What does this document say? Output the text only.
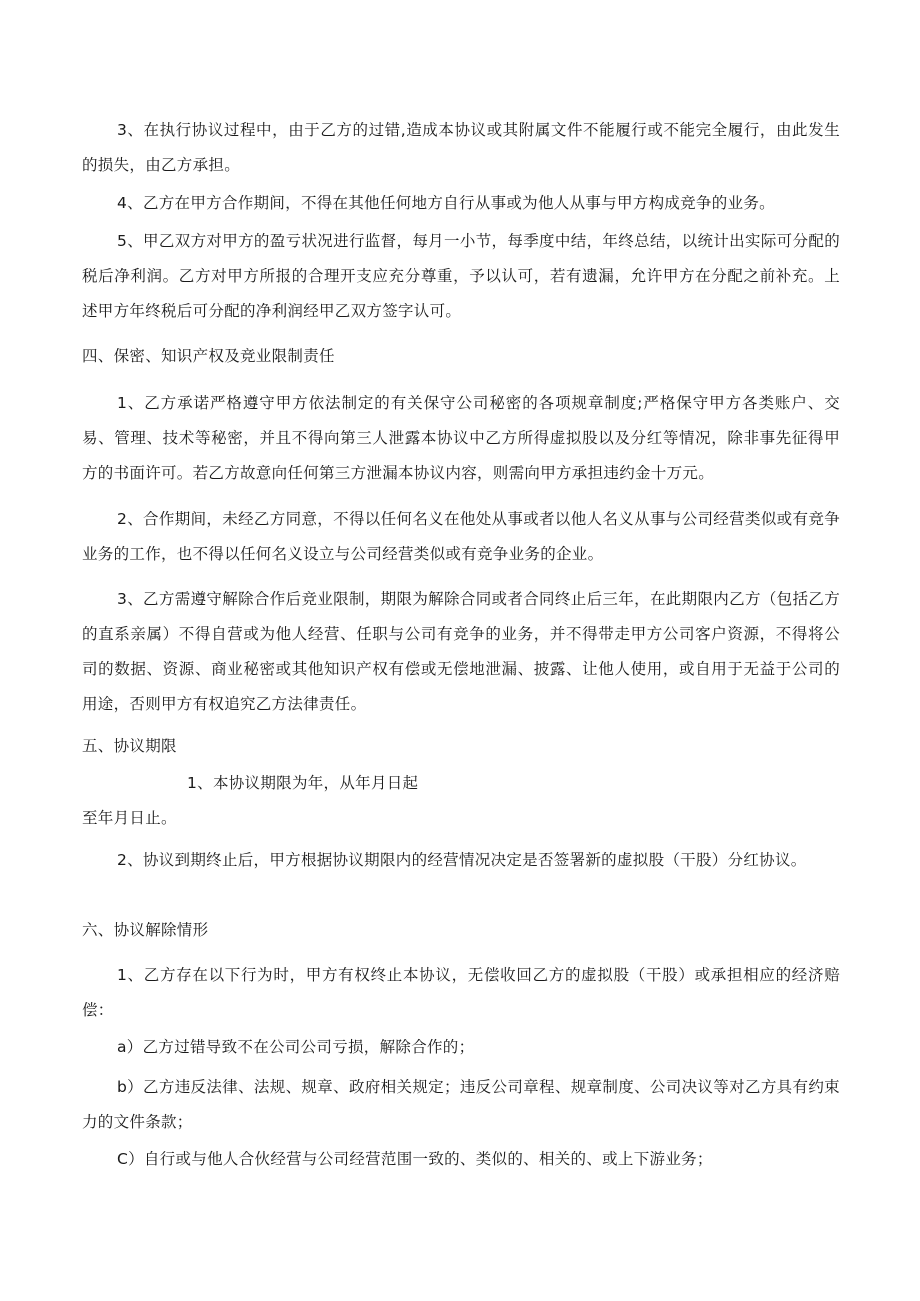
3、在执行协议过程中，由于乙方的过错,造成本协议或其附属文件不能履行或不能完全履行，由此发生的损失，由乙方承担。

4、乙方在甲方合作期间，不得在其他任何地方自行从事或为他人从事与甲方构成竞争的业务。

5、甲乙双方对甲方的盈亏状况进行监督，每月一小节，每季度中结，年终总结，以统计出实际可分配的税后净利润。乙方对甲方所报的合理开支应充分尊重，予以认可，若有遗漏，允许甲方在分配之前补充。上述甲方年终税后可分配的净利润经甲乙双方签字认可。

四、保密、知识产权及竞业限制责任

1、乙方承诺严格遵守甲方依法制定的有关保守公司秘密的各项规章制度;严格保守甲方各类账户、交易、管理、技术等秘密，并且不得向第三人泄露本协议中乙方所得虚拟股以及分红等情况，除非事先征得甲方的书面许可。若乙方故意向任何第三方泄漏本协议内容，则需向甲方承担违约金十万元。

2、合作期间，未经乙方同意，不得以任何名义在他处从事或者以他人名义从事与公司经营类似或有竞争业务的工作，也不得以任何名义设立与公司经营类似或有竞争业务的企业。

3、乙方需遵守解除合作后竞业限制，期限为解除合同或者合同终止后三年，在此期限内乙方（包括乙方的直系亲属）不得自营或为他人经营、任职与公司有竞争的业务，并不得带走甲方公司客户资源，不得将公司的数据、资源、商业秘密或其他知识产权有偿或无偿地泄漏、披露、让他人使用，或自用于无益于公司的用途，否则甲方有权追究乙方法律责任。

五、协议期限

1、本协议期限为年，从年月日起

至年月日止。

2、协议到期终止后，甲方根据协议期限内的经营情况决定是否签署新的虚拟股（干股）分红协议。

六、协议解除情形

1、乙方存在以下行为时，甲方有权终止本协议，无偿收回乙方的虚拟股（干股）或承担相应的经济赔偿：

a）乙方过错导致不在公司公司亏损，解除合作的；

b）乙方违反法律、法规、规章、政府相关规定；违反公司章程、规章制度、公司决议等对乙方具有约束力的文件条款；

C）自行或与他人合伙经营与公司经营范围一致的、类似的、相关的、或上下游业务；
